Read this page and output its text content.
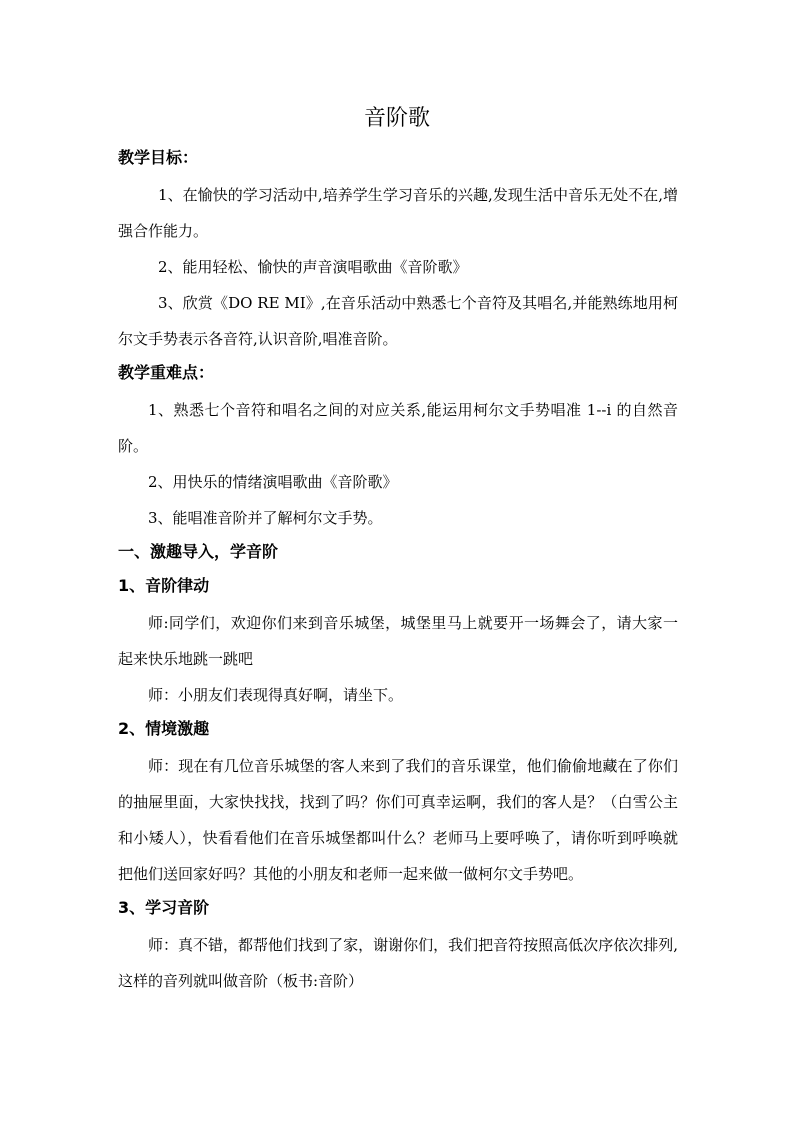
音阶歌
教学目标：

1、在愉快的学习活动中,培养学生学习音乐的兴趣,发现生活中音乐无处不在,增强合作能力。

2、能用轻松、愉快的声音演唱歌曲《音阶歌》

3、欣赏《DO RE MI》,在音乐活动中熟悉七个音符及其唱名,并能熟练地用柯尔文手势表示各音符,认识音阶,唱准音阶。

教学重难点：

1、熟悉七个音符和唱名之间的对应关系,能运用柯尔文手势唱准 1--i 的自然音阶。

2、用快乐的情绪演唱歌曲《音阶歌》

3、能唱准音阶并了解柯尔文手势。

一、激趣导入，学音阶
1、音阶律动

师:同学们，欢迎你们来到音乐城堡，城堡里马上就要开一场舞会了，请大家一起来快乐地跳一跳吧

师：小朋友们表现得真好啊，请坐下。

2、情境激趣

师：现在有几位音乐城堡的客人来到了我们的音乐课堂，他们偷偷地藏在了你们的抽屉里面，大家快找找，找到了吗？你们可真幸运啊，我们的客人是？（白雪公主和小矮人），快看看他们在音乐城堡都叫什么？老师马上要呼唤了，请你听到呼唤就把他们送回家好吗？其他的小朋友和老师一起来做一做柯尔文手势吧。

3、学习音阶

师：真不错，都帮他们找到了家，谢谢你们，我们把音符按照高低次序依次排列,这样的音列就叫做音阶（板书:音阶）
